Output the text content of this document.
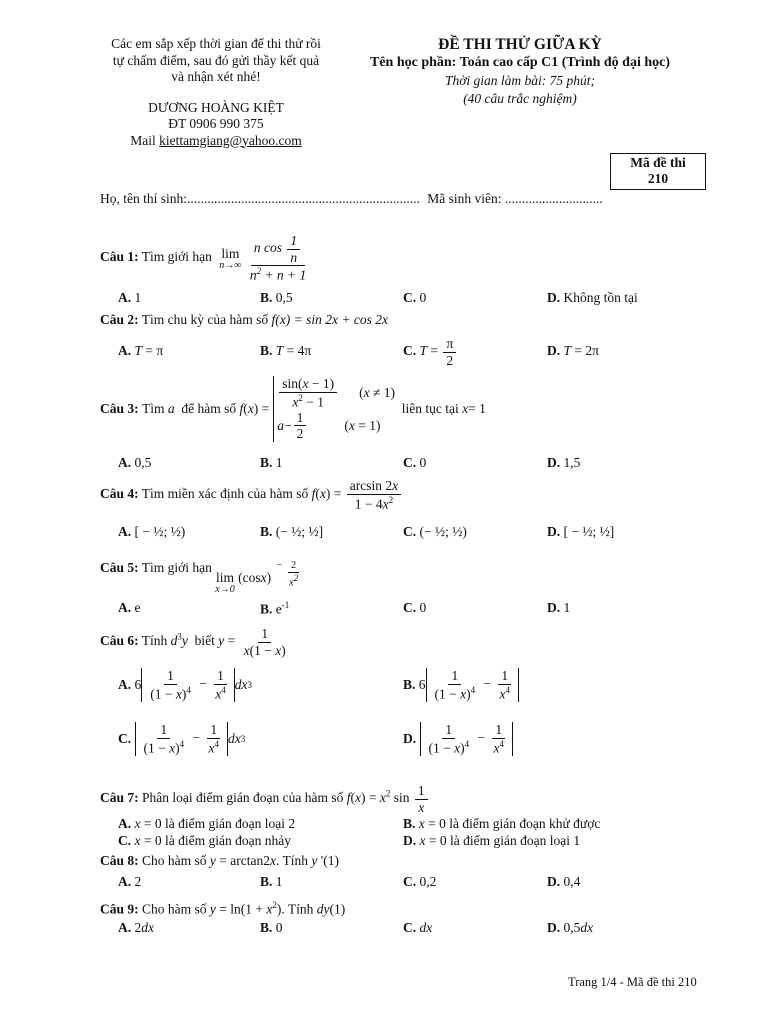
Các em sắp xếp thời gian để thi thử rồi
tự chấm điểm, sau đó gửi thầy kết quả
và nhận xét nhé!
DƯƠNG HOÀNG KIỆT
ĐT 0906 990 375
Mail kiettamgiang@yahoo.com
ĐỀ THI THỬ GIỮA KỲ
Tên học phần: Toán cao cấp C1 (Trình độ đại học)
Thời gian làm bài: 75 phút;
(40 câu trắc nghiệm)
Mã đề thi
210
Họ, tên thí sinh:..................................................................... Mã sinh viên: .............................
Câu 1: Tìm giới hạn lim
n→∞
$\frac{n \cos \frac{1}{n}}{n^2 + n + 1}$
A. 1	B. 0,5	C. 0	D. Không tồn tại
Câu 2: Tìm chu kỳ của hàm số f(x) = sin 2x + cos 2x
A. T = π	B. T = 4π	C. $T = \frac{\pi}{2}$	D. T = 2π
Câu 3:
Tìm
a
để hàm số
f ( x ) = $\frac{\sin(x - 1)}{x^2 - 1} (x \ne 1)$
$a - \frac{1}{2}$	(x = 1)

liên tục tại
x = 1
A. 0,5	B. 1	C. 0	D. 1,5
Câu 4: Tìm miền xác định của hàm số $f(x) = \frac{\arcsin 2x}{1 - 4x^2}$
A. [ − ½; ½)	B. (− ½; ½]	C. (− ½; ½)	D. [ − ½; ½]
Câu 5: Tìm giới hạn
lim
x→0
(cosx)
− $\frac{2}{x2}$
A. e	B. $e^{-1}$	C. 0	D. 1
Câu 6: Tính $d^3y$ biết $y = \frac{1}{x(1 - x)}$
A. $6 \frac{1}{(1 - x)^4} - \frac{1}{x^4}$ dx 3	B. $6 \frac{1}{(1 - x)^4} - \frac{1}{x^4}$
C.
$\frac{1}{(1 - x)^4} - \frac{1}{x^4}$ dx 3	D.
$\frac{1}{(1 - x)^4} - \frac{1}{x^4}$
Câu 7: Phân loại điểm gián đoạn của hàm số $f(x) = x^2$ $\sin \frac{1}{x}$
A. x = 0 là điểm gián đoạn loại 2	B. x = 0 là điểm gián đoạn khử được
C. x = 0 là điểm gián đoạn nhảy	D. x = 0 là điểm gián đoạn loại 1
Câu 8: Cho hàm số y = arctan2x. Tính y '(1)
A. 2	B. 1	C. 0,2	D. 0,4
Câu 9: Cho hàm số $y = \ln(1 + x^2)$. Tính dy(1)
A. 2dx	B. 0	C. dx	D. 0,5dx
Trang 1/4 - Mã đề thi 210
